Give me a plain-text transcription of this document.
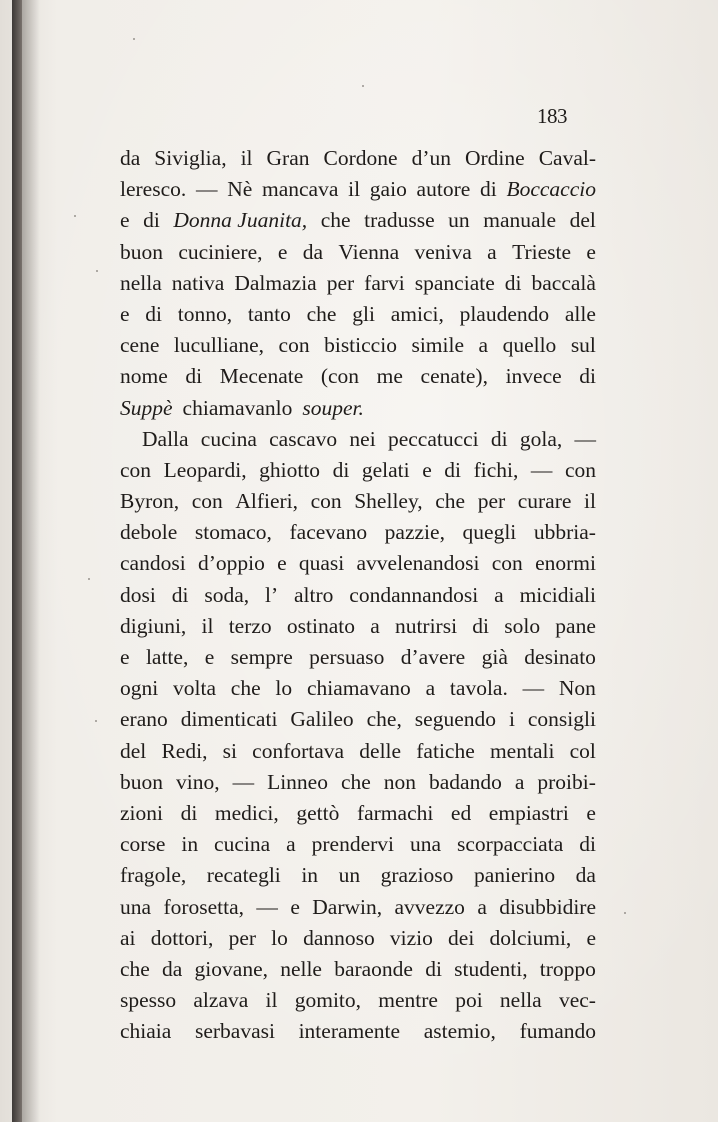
183
da Siviglia, il Gran Cordone d’un Ordine Caval-
leresco. — Nè mancava il gaio autore di Boccaccio
e di Donna Juanita, che tradusse un manuale del
buon cuciniere, e da Vienna veniva a Trieste e
nella nativa Dalmazia per farvi spanciate di baccalà
e di tonno, tanto che gli amici, plaudendo alle
cene luculliane, con bisticcio simile a quello sul
nome di Mecenate (con me cenate), invece di
Suppè chiamavanlo souper.
Dalla cucina cascavo nei peccatucci di gola, —
con Leopardi, ghiotto di gelati e di fichi, — con
Byron, con Alfieri, con Shelley, che per curare il
debole stomaco, facevano pazzie, quegli ubbria-
candosi d’oppio e quasi avvelenandosi con enormi
dosi di soda, l’ altro condannandosi a micidiali
digiuni, il terzo ostinato a nutrirsi di solo pane
e latte, e sempre persuaso d’avere già desinato
ogni volta che lo chiamavano a tavola. — Non
erano dimenticati Galileo che, seguendo i consigli
del Redi, si confortava delle fatiche mentali col
buon vino, — Linneo che non badando a proibi-
zioni di medici, gettò farmachi ed empiastri e
corse in cucina a prendervi una scorpacciata di
fragole, recategli in un grazioso panierino da
una forosetta, — e Darwin, avvezzo a disubbidire
ai dottori, per lo dannoso vizio dei dolciumi, e
che da giovane, nelle baraonde di studenti, troppo
spesso alzava il gomito, mentre poi nella vec-
chiaia serbavasi interamente astemio, fumando
